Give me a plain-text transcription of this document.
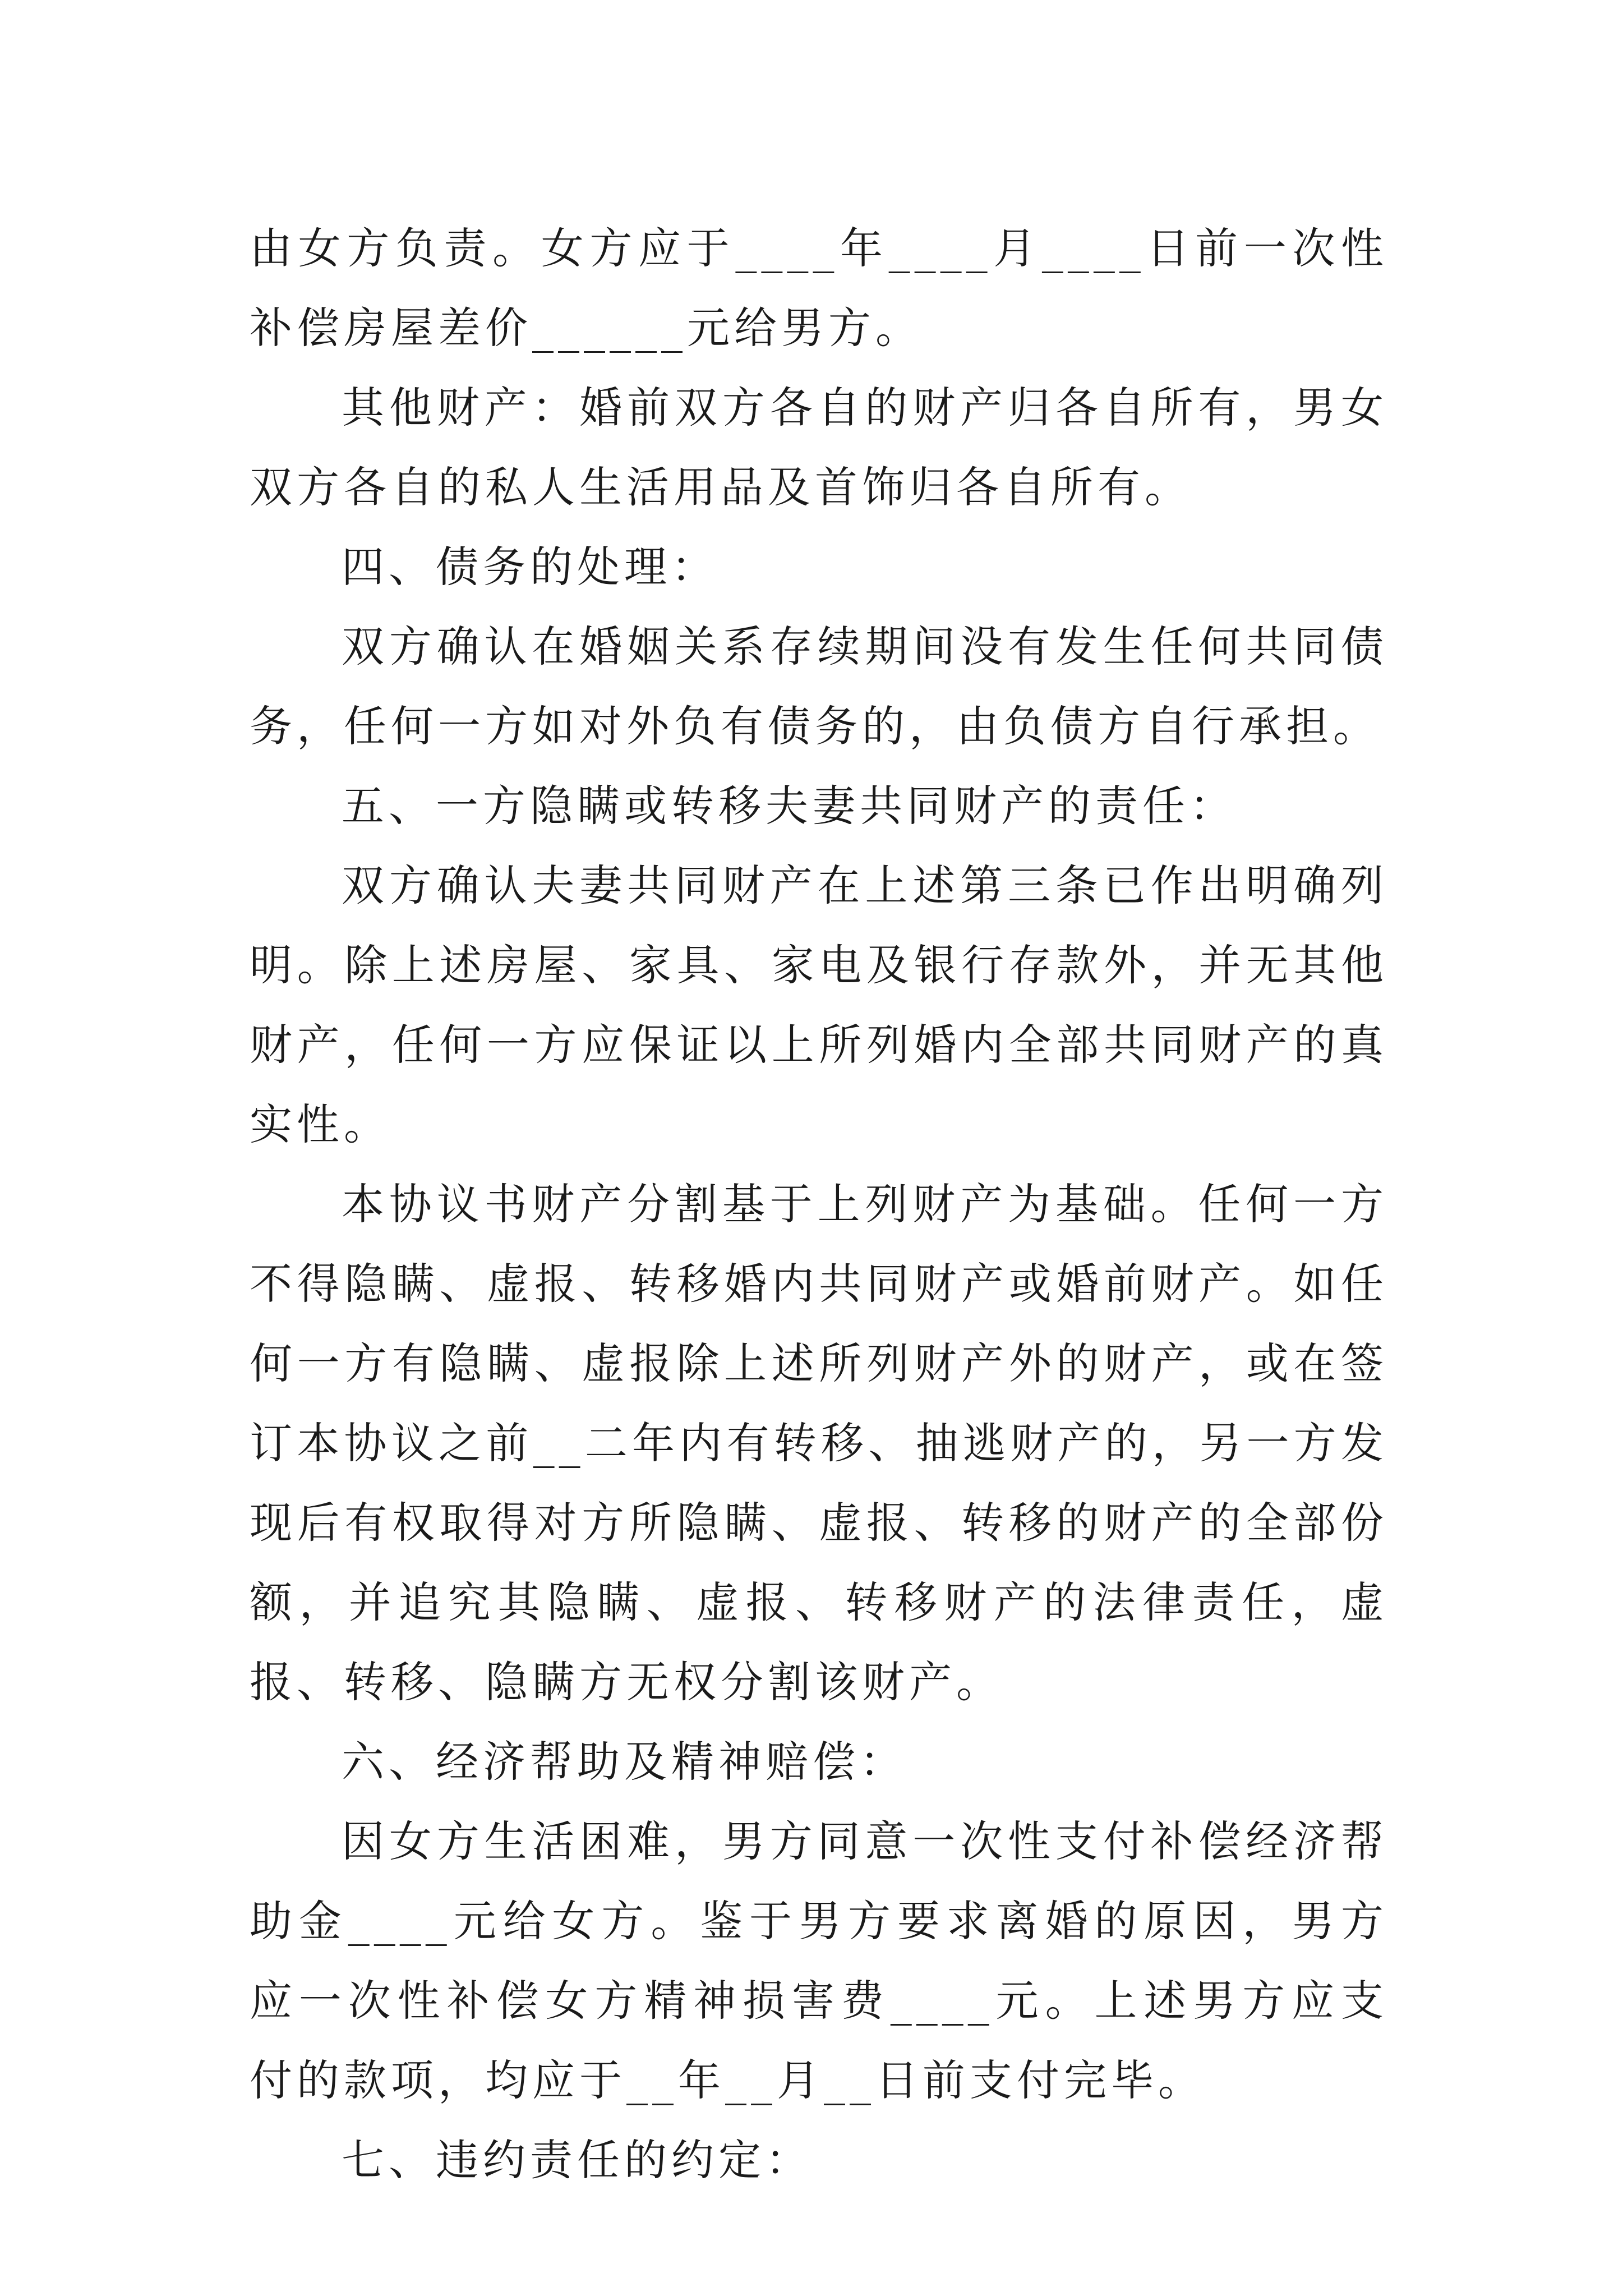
由女方负责。女方应于____年____月____日前一次性补偿房屋差价______元给男方。

其他财产：婚前双方各自的财产归各自所有，男女双方各自的私人生活用品及首饰归各自所有。

四、债务的处理：

双方确认在婚姻关系存续期间没有发生任何共同债务，任何一方如对外负有债务的，由负债方自行承担。

五、一方隐瞒或转移夫妻共同财产的责任：

双方确认夫妻共同财产在上述第三条已作出明确列明。除上述房屋、家具、家电及银行存款外，并无其他财产，任何一方应保证以上所列婚内全部共同财产的真实性。

本协议书财产分割基于上列财产为基础。任何一方不得隐瞒、虚报、转移婚内共同财产或婚前财产。如任何一方有隐瞒、虚报除上述所列财产外的财产，或在签订本协议之前__二年内有转移、抽逃财产的，另一方发现后有权取得对方所隐瞒、虚报、转移的财产的全部份额，并追究其隐瞒、虚报、转移财产的法律责任，虚报、转移、隐瞒方无权分割该财产。

六、经济帮助及精神赔偿：

因女方生活困难，男方同意一次性支付补偿经济帮助金____元给女方。鉴于男方要求离婚的原因，男方应一次性补偿女方精神损害费____元。上述男方应支付的款项，均应于__年__月__日前支付完毕。

七、违约责任的约定：
